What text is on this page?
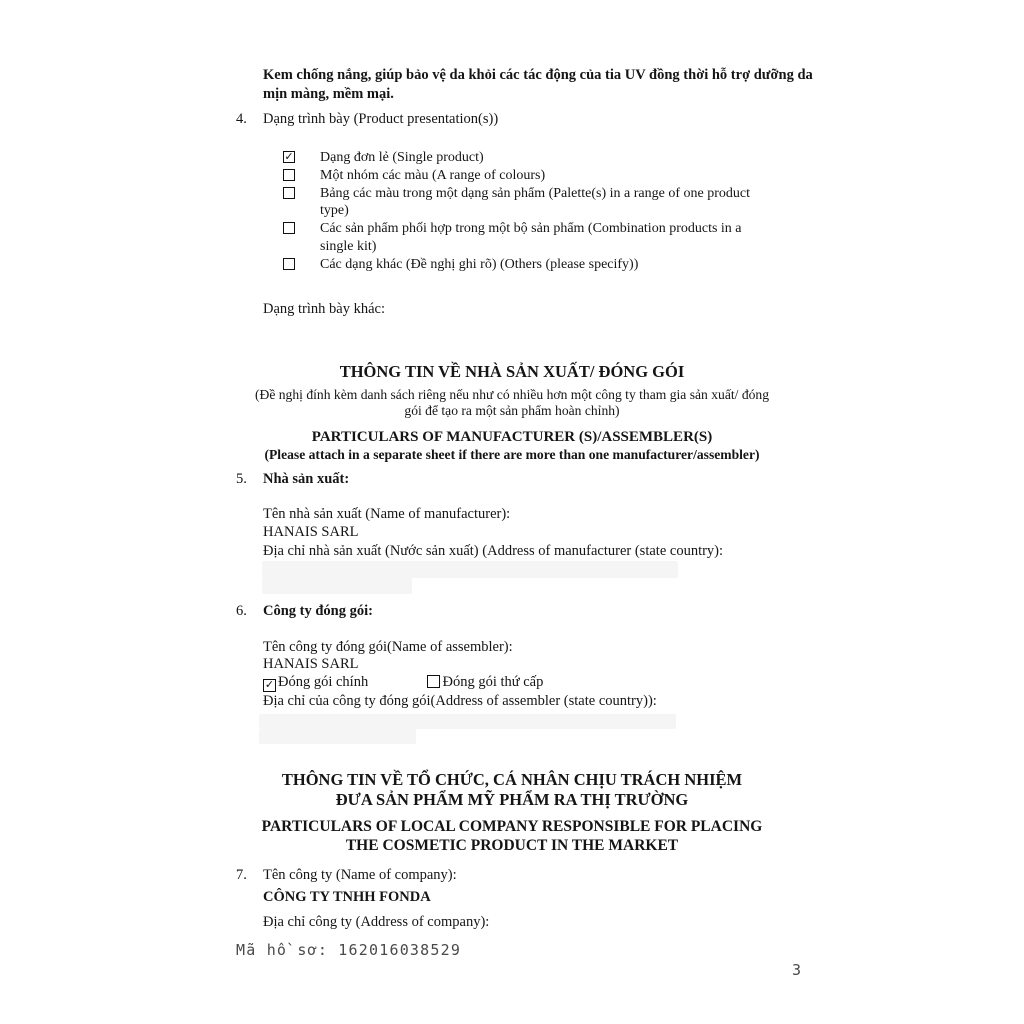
Kem chống nắng, giúp bảo vệ da khỏi các tác động của tia UV đồng thời hỗ trợ dưỡng da mịn màng, mềm mại.
4.	Dạng trình bày (Product presentation(s))
✓
Dạng đơn lẻ (Single product)
Một nhóm các màu (A range of colours)
Bảng các màu trong một dạng sản phẩm (Palette(s) in a range of one product type)
Các sản phẩm phối hợp trong một bộ sản phẩm (Combination products in a single kit)
Các dạng khác (Đề nghị ghi rõ) (Others (please specify))
Dạng trình bày khác:
THÔNG TIN VỀ NHÀ SẢN XUẤT/ ĐÓNG GÓI
(Đề nghị đính kèm danh sách riêng nếu như có nhiều hơn một công ty tham gia sản xuất/ đóng
gói để tạo ra một sản phẩm hoàn chỉnh)
PARTICULARS OF MANUFACTURER (S)/ASSEMBLER(S)
(Please attach in a separate sheet if there are more than one manufacturer/assembler)
5.	Nhà sản xuất:
Tên nhà sản xuất (Name of manufacturer):
HANAIS SARL
Địa chỉ nhà sản xuất (Nước sản xuất) (Address of manufacturer (state country):
6.	Công ty đóng gói:
Tên công ty đóng gói(Name of assembler):
HANAIS SARL
✓Đóng gói chính	Đóng gói thứ cấp
Địa chỉ của công ty đóng gói(Address of assembler (state country)):
THÔNG TIN VỀ TỔ CHỨC, CÁ NHÂN CHỊU TRÁCH NHIỆM
ĐƯA SẢN PHẨM MỸ PHẨM RA THỊ TRƯỜNG
PARTICULARS OF LOCAL COMPANY RESPONSIBLE FOR PLACING
THE COSMETIC PRODUCT IN THE MARKET
7.	Tên công ty (Name of company):
CÔNG TY TNHH FONDA
Địa chỉ công ty (Address of company):
Mã hồ sơ: 162016038529
3
